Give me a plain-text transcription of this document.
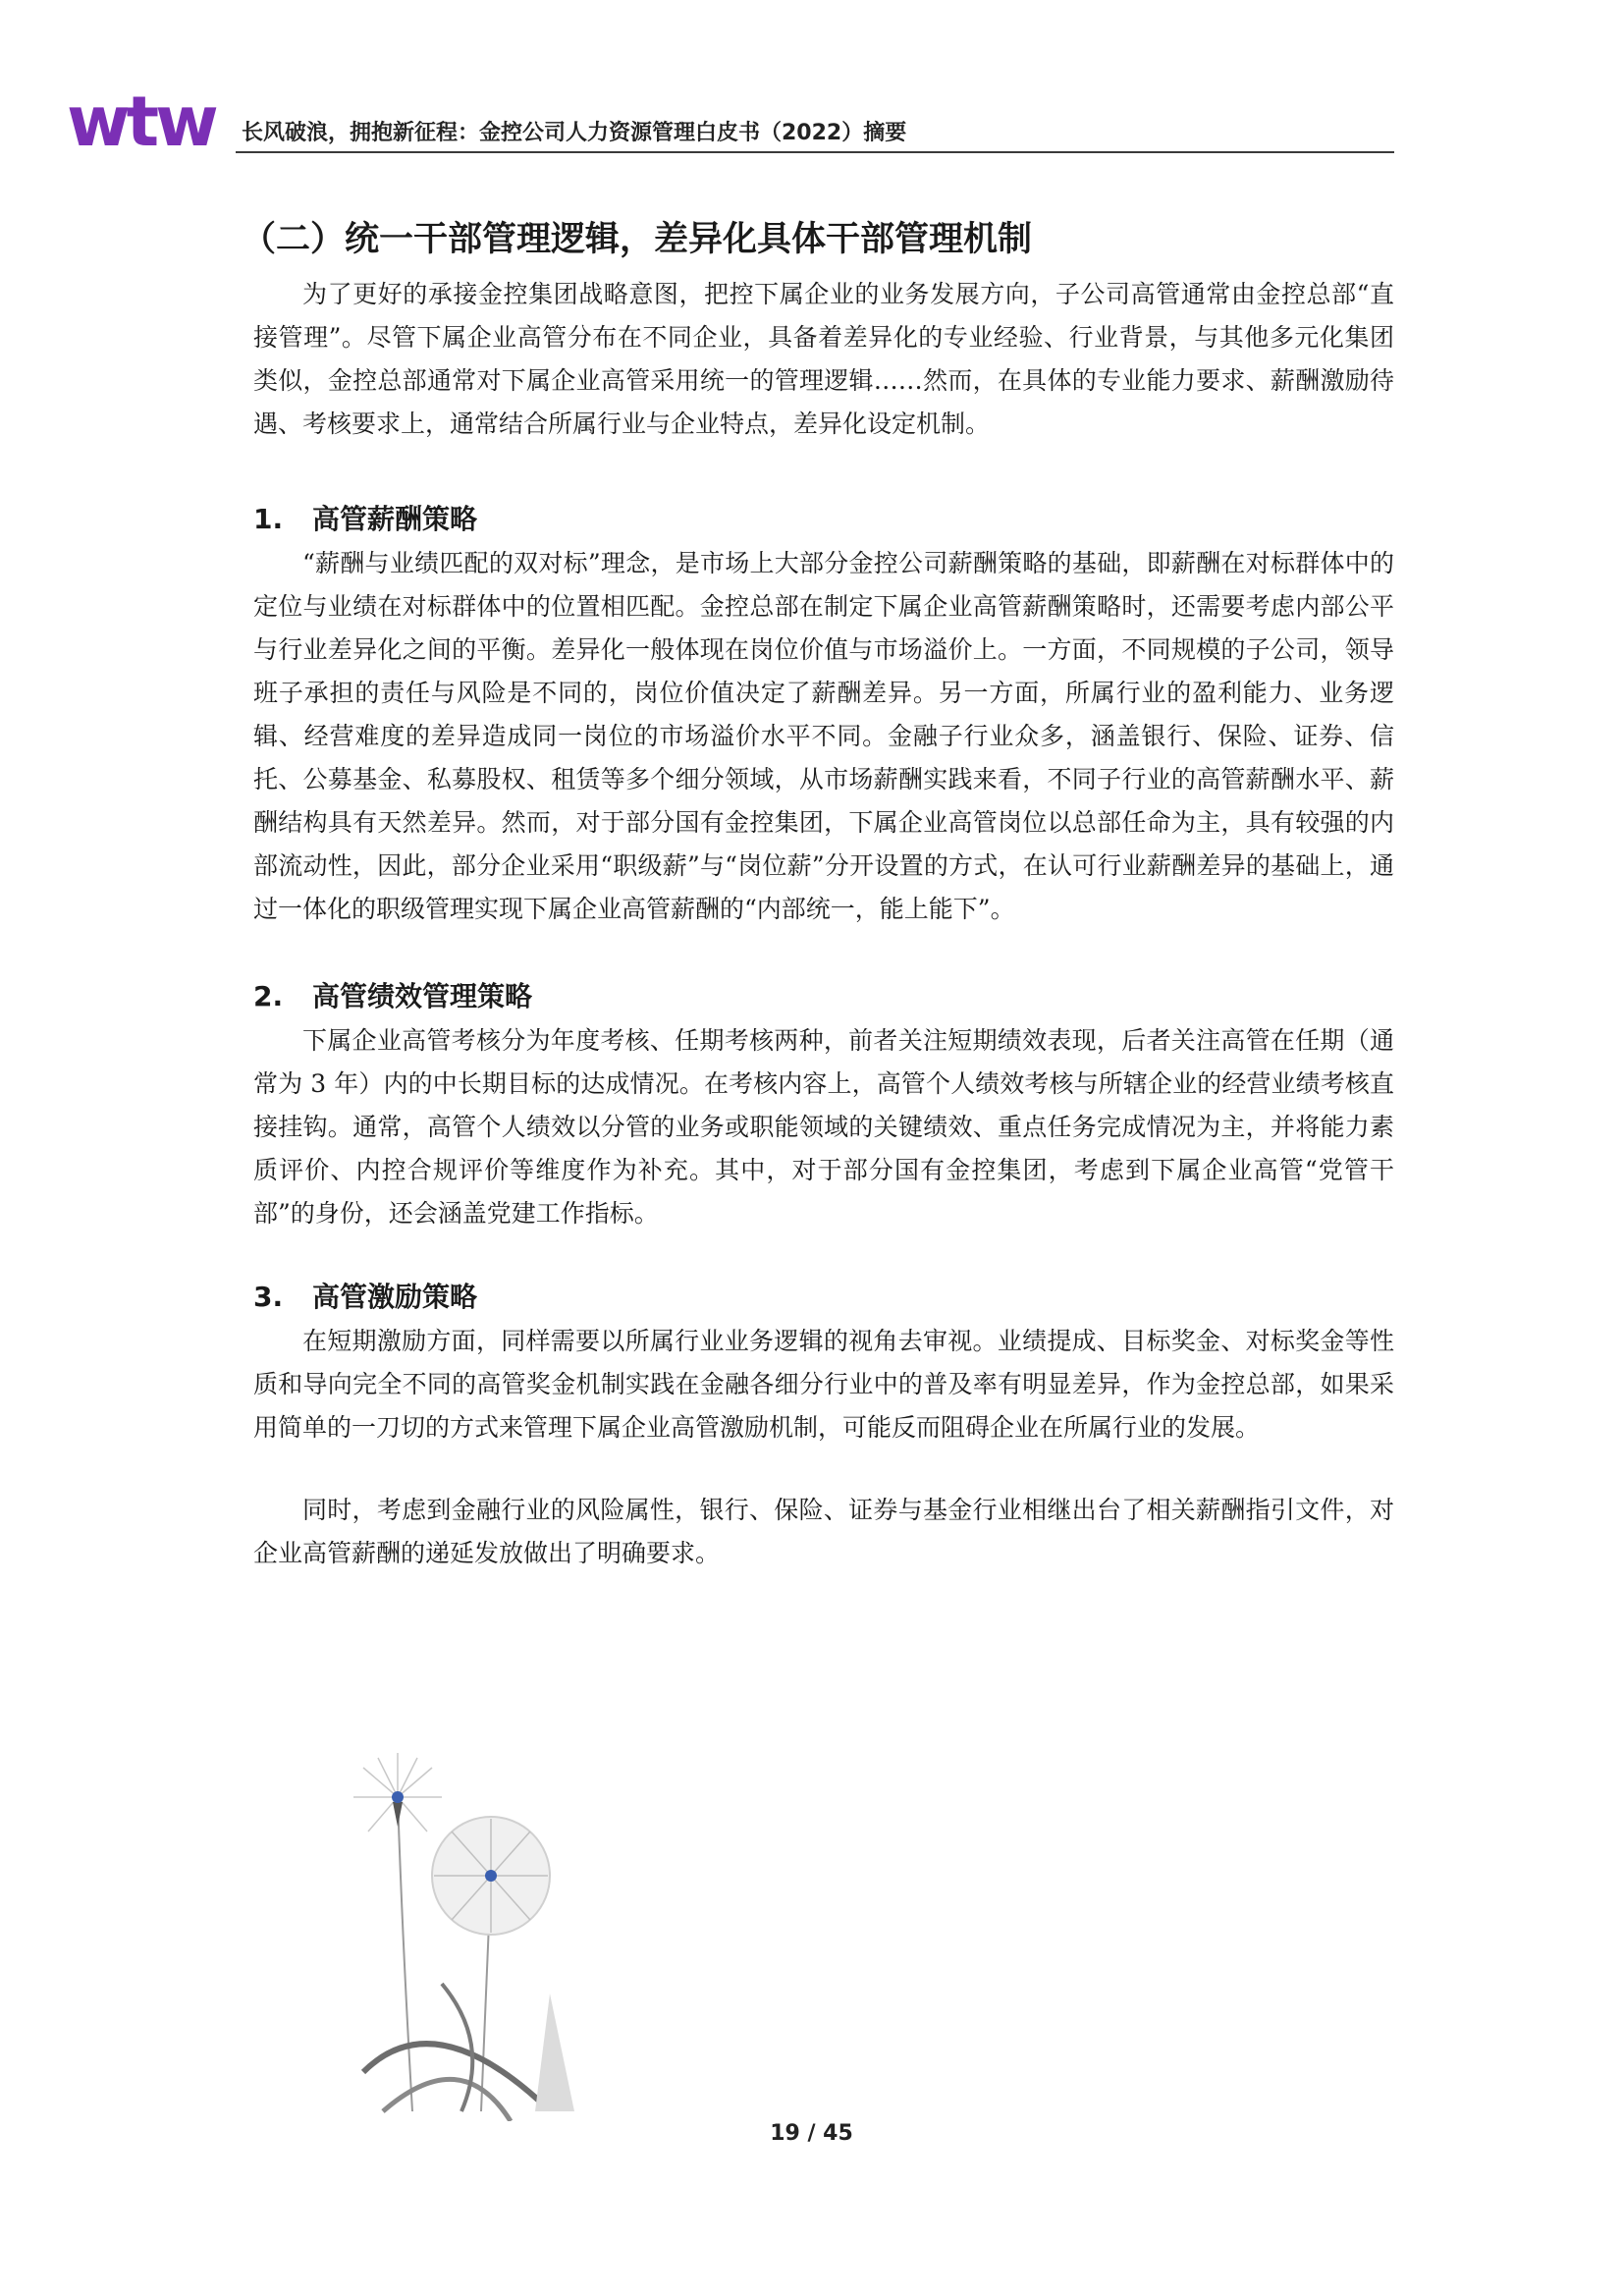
wtw 长风破浪，拥抱新征程：金控公司人力资源管理白皮书（2022）摘要
（二）统一干部管理逻辑，差异化具体干部管理机制

为了更好的承接金控集团战略意图，把控下属企业的业务发展方向，子公司高管通常由金控总部“直接管理”。尽管下属企业高管分布在不同企业，具备着差异化的专业经验、行业背景，与其他多元化集团类似，金控总部通常对下属企业高管采用统一的管理逻辑……然而，在具体的专业能力要求、薪酬激励待遇、考核要求上，通常结合所属行业与企业特点，差异化设定机制。

1. 高管薪酬策略

“薪酬与业绩匹配的双对标”理念，是市场上大部分金控公司薪酬策略的基础，即薪酬在对标群体中的定位与业绩在对标群体中的位置相匹配。金控总部在制定下属企业高管薪酬策略时，还需要考虑内部公平与行业差异化之间的平衡。差异化一般体现在岗位价值与市场溢价上。一方面，不同规模的子公司，领导班子承担的责任与风险是不同的，岗位价值决定了薪酬差异。另一方面，所属行业的盈利能力、业务逻辑、经营难度的差异造成同一岗位的市场溢价水平不同。金融子行业众多，涵盖银行、保险、证券、信托、公募基金、私募股权、租赁等多个细分领域，从市场薪酬实践来看，不同子行业的高管薪酬水平、薪酬结构具有天然差异。然而，对于部分国有金控集团，下属企业高管岗位以总部任命为主，具有较强的内部流动性，因此，部分企业采用“职级薪”与“岗位薪”分开设置的方式，在认可行业薪酬差异的基础上，通过一体化的职级管理实现下属企业高管薪酬的“内部统一，能上能下”。

2. 高管绩效管理策略

下属企业高管考核分为年度考核、任期考核两种，前者关注短期绩效表现，后者关注高管在任期（通常为 3 年）内的中长期目标的达成情况。在考核内容上，高管个人绩效考核与所辖企业的经营业绩考核直接挂钩。通常，高管个人绩效以分管的业务或职能领域的关键绩效、重点任务完成情况为主，并将能力素质评价、内控合规评价等维度作为补充。其中，对于部分国有金控集团，考虑到下属企业高管“党管干部”的身份，还会涵盖党建工作指标。

3. 高管激励策略

在短期激励方面，同样需要以所属行业业务逻辑的视角去审视。业绩提成、目标奖金、对标奖金等性质和导向完全不同的高管奖金机制实践在金融各细分行业中的普及率有明显差异，作为金控总部，如果采用简单的一刀切的方式来管理下属企业高管激励机制，可能反而阻碍企业在所属行业的发展。

同时，考虑到金融行业的风险属性，银行、保险、证券与基金行业相继出台了相关薪酬指引文件，对企业高管薪酬的递延发放做出了明确要求。

19 / 45
